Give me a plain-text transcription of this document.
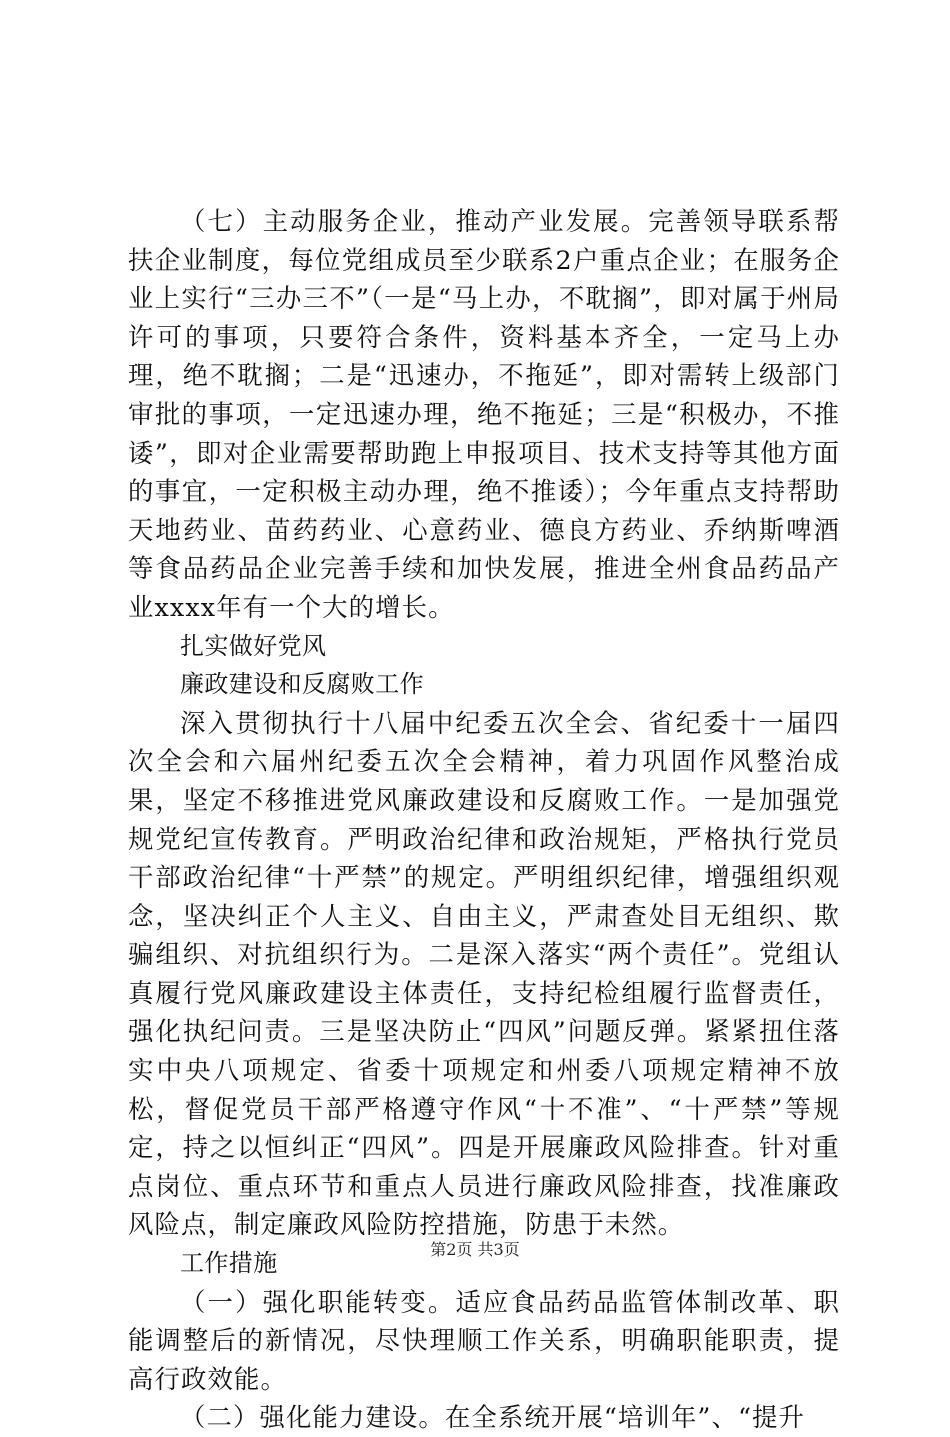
（七）主动服务企业，推动产业发展。完善领导联系帮扶企业制度，每位党组成员至少联系2户重点企业；在服务企业上实行“三办三不”（一是“马上办，不耽搁”，即对属于州局许可的事项，只要符合条件，资料基本齐全，一定马上办理，绝不耽搁；二是“迅速办，不拖延”，即对需转上级部门审批的事项，一定迅速办理，绝不拖延；三是“积极办，不推诿”，即对企业需要帮助跑上申报项目、技术支持等其他方面的事宜，一定积极主动办理，绝不推诿）；今年重点支持帮助天地药业、苗药药业、心意药业、德良方药业、乔纳斯啤酒等食品药品企业完善手续和加快发展，推进全州食品药品产业xxxx年有一个大的增长。

扎实做好党风

廉政建设和反腐败工作

深入贯彻执行十八届中纪委五次全会、省纪委十一届四次全会和六届州纪委五次全会精神，着力巩固作风整治成果，坚定不移推进党风廉政建设和反腐败工作。一是加强党规党纪宣传教育。严明政治纪律和政治规矩，严格执行党员干部政治纪律“十严禁”的规定。严明组织纪律，增强组织观念，坚决纠正个人主义、自由主义，严肃查处目无组织、欺骗组织、对抗组织行为。二是深入落实“两个责任”。党组认真履行党风廉政建设主体责任，支持纪检组履行监督责任，强化执纪问责。三是坚决防止“四风”问题反弹。紧紧扭住落实中央八项规定、省委十项规定和州委八项规定精神不放松，督促党员干部严格遵守作风“十不准”、“十严禁”等规定，持之以恒纠正“四风”。四是开展廉政风险排查。针对重点岗位、重点环节和重点人员进行廉政风险排查，找准廉政风险点，制定廉政风险防控措施，防患于未然。

工作措施

（一）强化职能转变。适应食品药品监管体制改革、职能调整后的新情况，尽快理顺工作关系，明确职能职责，提高行政效能。

（二）强化能力建设。在全系统开展“培训年”、“提升

第2页 共3页
